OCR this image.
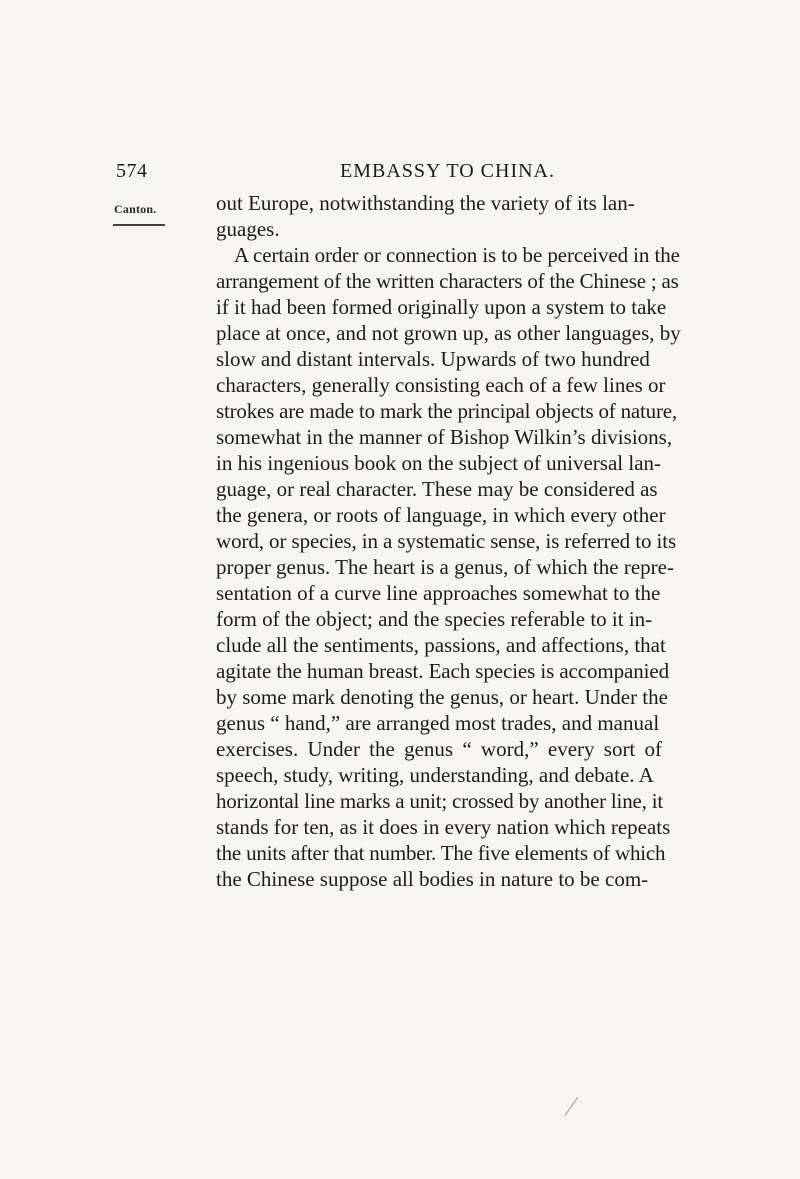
574	EMBASSY TO CHINA.
Canton.	out Europe, notwithstanding the variety of its lan-
guages.
A certain order or connection is to be perceived in the
arrangement of the written characters of the Chinese ; as
if it had been formed originally upon a system to take
place at once, and not grown up, as other languages, by
slow and distant intervals. Upwards of two hundred
characters, generally consisting each of a few lines or
strokes are made to mark the principal objects of nature,
somewhat in the manner of Bishop Wilkin’s divisions,
in his ingenious book on the subject of universal lan-
guage, or real character. These may be considered as
the genera, or roots of language, in which every other
word, or species, in a systematic sense, is referred to its
proper genus. The heart is a genus, of which the repre-
sentation of a curve line approaches somewhat to the
form of the object; and the species referable to it in-
clude all the sentiments, passions, and affections, that
agitate the human breast. Each species is accompanied
by some mark denoting the genus, or heart. Under the
genus “ hand,” are arranged most trades, and manual
exercises. Under the genus “ word,” every sort of
speech, study, writing, understanding, and debate. A
horizontal line marks a unit; crossed by another line, it
stands for ten, as it does in every nation which repeats
the units after that number. The five elements of which
the Chinese suppose all bodies in nature to be com-
